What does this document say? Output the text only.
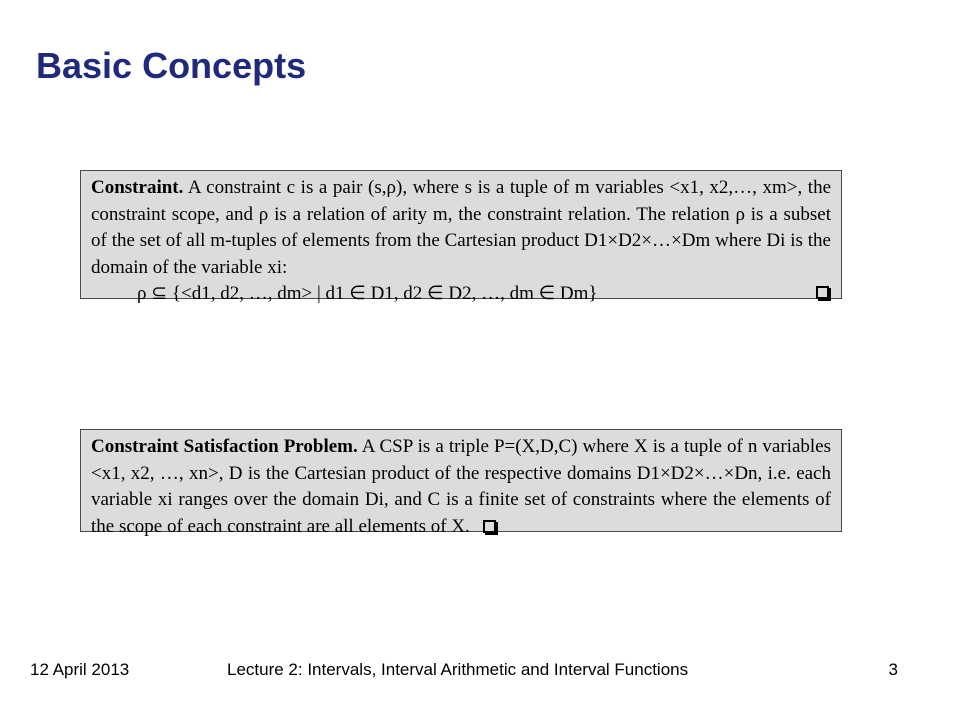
Basic Concepts
Constraint. A constraint c is a pair (s,ρ), where s is a tuple of m variables <x1, x2,…, xm>, the constraint scope, and ρ is a relation of arity m, the constraint relation. The relation ρ is a subset of the set of all m-tuples of elements from the Cartesian product D1×D2×…×Dm where Di is the domain of the variable xi:
ρ ⊆ {<d1, d2, …, dm> | d1 ∈ D1, d2 ∈ D2, …, dm ∈ Dm}
Constraint Satisfaction Problem. A CSP is a triple P=(X,D,C) where X is a tuple of n variables <x1, x2, …, xn>, D is the Cartesian product of the respective domains D1×D2×…×Dn, i.e. each variable xi ranges over the domain Di, and C is a finite set of constraints where the elements of the scope of each constraint are all elements of X.
12 April 2013	Lecture 2: Intervals, Interval Arithmetic and Interval Functions	3
